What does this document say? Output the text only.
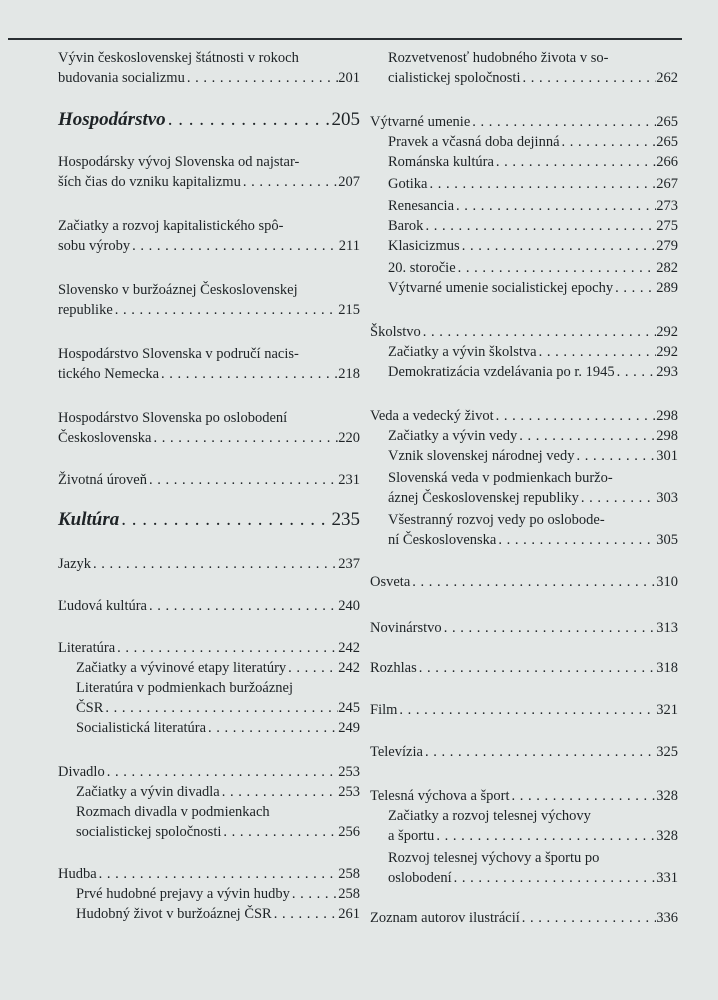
Vývin československej štátnosti v rokoch
budovania socializmu . . .	201
Hospodárstvo . . .	205
Hospodársky vývoj Slovenska od najstar-
ších čias do vzniku kapitalizmu . . .	207
Začiatky a rozvoj kapitalistického spô-
sobu výroby . . .	211
Slovensko v buržoáznej Československej
republike . . .	215
Hospodárstvo Slovenska v područí nacis-
tického Nemecka . . .	218
Hospodárstvo Slovenska po oslobodení
Československa . . .	220
Životná úroveň . . .	231
Kultúra . . .	235
Jazyk . . .	237
Ľudová kultúra . . .	240
Literatúra . . .	242
Začiatky a vývinové etapy literatúry . . .	242
Literatúra v podmienkach buržoáznej
ČSR . . .	245
Socialistická literatúra . . .	249
Divadlo . . .	253
Začiatky a vývin divadla . . .	253
Rozmach divadla v podmienkach
socialistickej spoločnosti . . .	256
Hudba . . .	258
Prvé hudobné prejavy a vývin hudby . . .	258
Hudobný život v buržoáznej ČSR . . .	261
Rozvetvenosť hudobného života v so-
cialistickej spoločnosti . . .	262
Výtvarné umenie . . .	265
Pravek a včasná doba dejinná . . .	265
Románska kultúra . . .	266
Gotika . . .	267
Renesancia . . .	273
Barok . . .	275
Klasicizmus . . .	279
20. storočie . . .	282
Výtvarné umenie socialistickej epochy . . .	289
Školstvo . . .	292
Začiatky a vývin školstva . . .	292
Demokratizácia vzdelávania po r. 1945 . . .	293
Veda a vedecký život . . .	298
Začiatky a vývin vedy . . .	298
Vznik slovenskej národnej vedy . . .	301
Slovenská veda v podmienkach buržo-
áznej Československej republiky . . .	303
Všestranný rozvoj vedy po oslobode-
ní Československa . . .	305
Osveta . . .	310
Novinárstvo . . .	313
Rozhlas . . .	318
Film . . .	321
Televízia . . .	325
Telesná výchova a šport . . .	328
Začiatky a rozvoj telesnej výchovy
a športu . . .	328
Rozvoj telesnej výchovy a športu po
oslobodení . . .	331
Zoznam autorov ilustrácií . . .	336
